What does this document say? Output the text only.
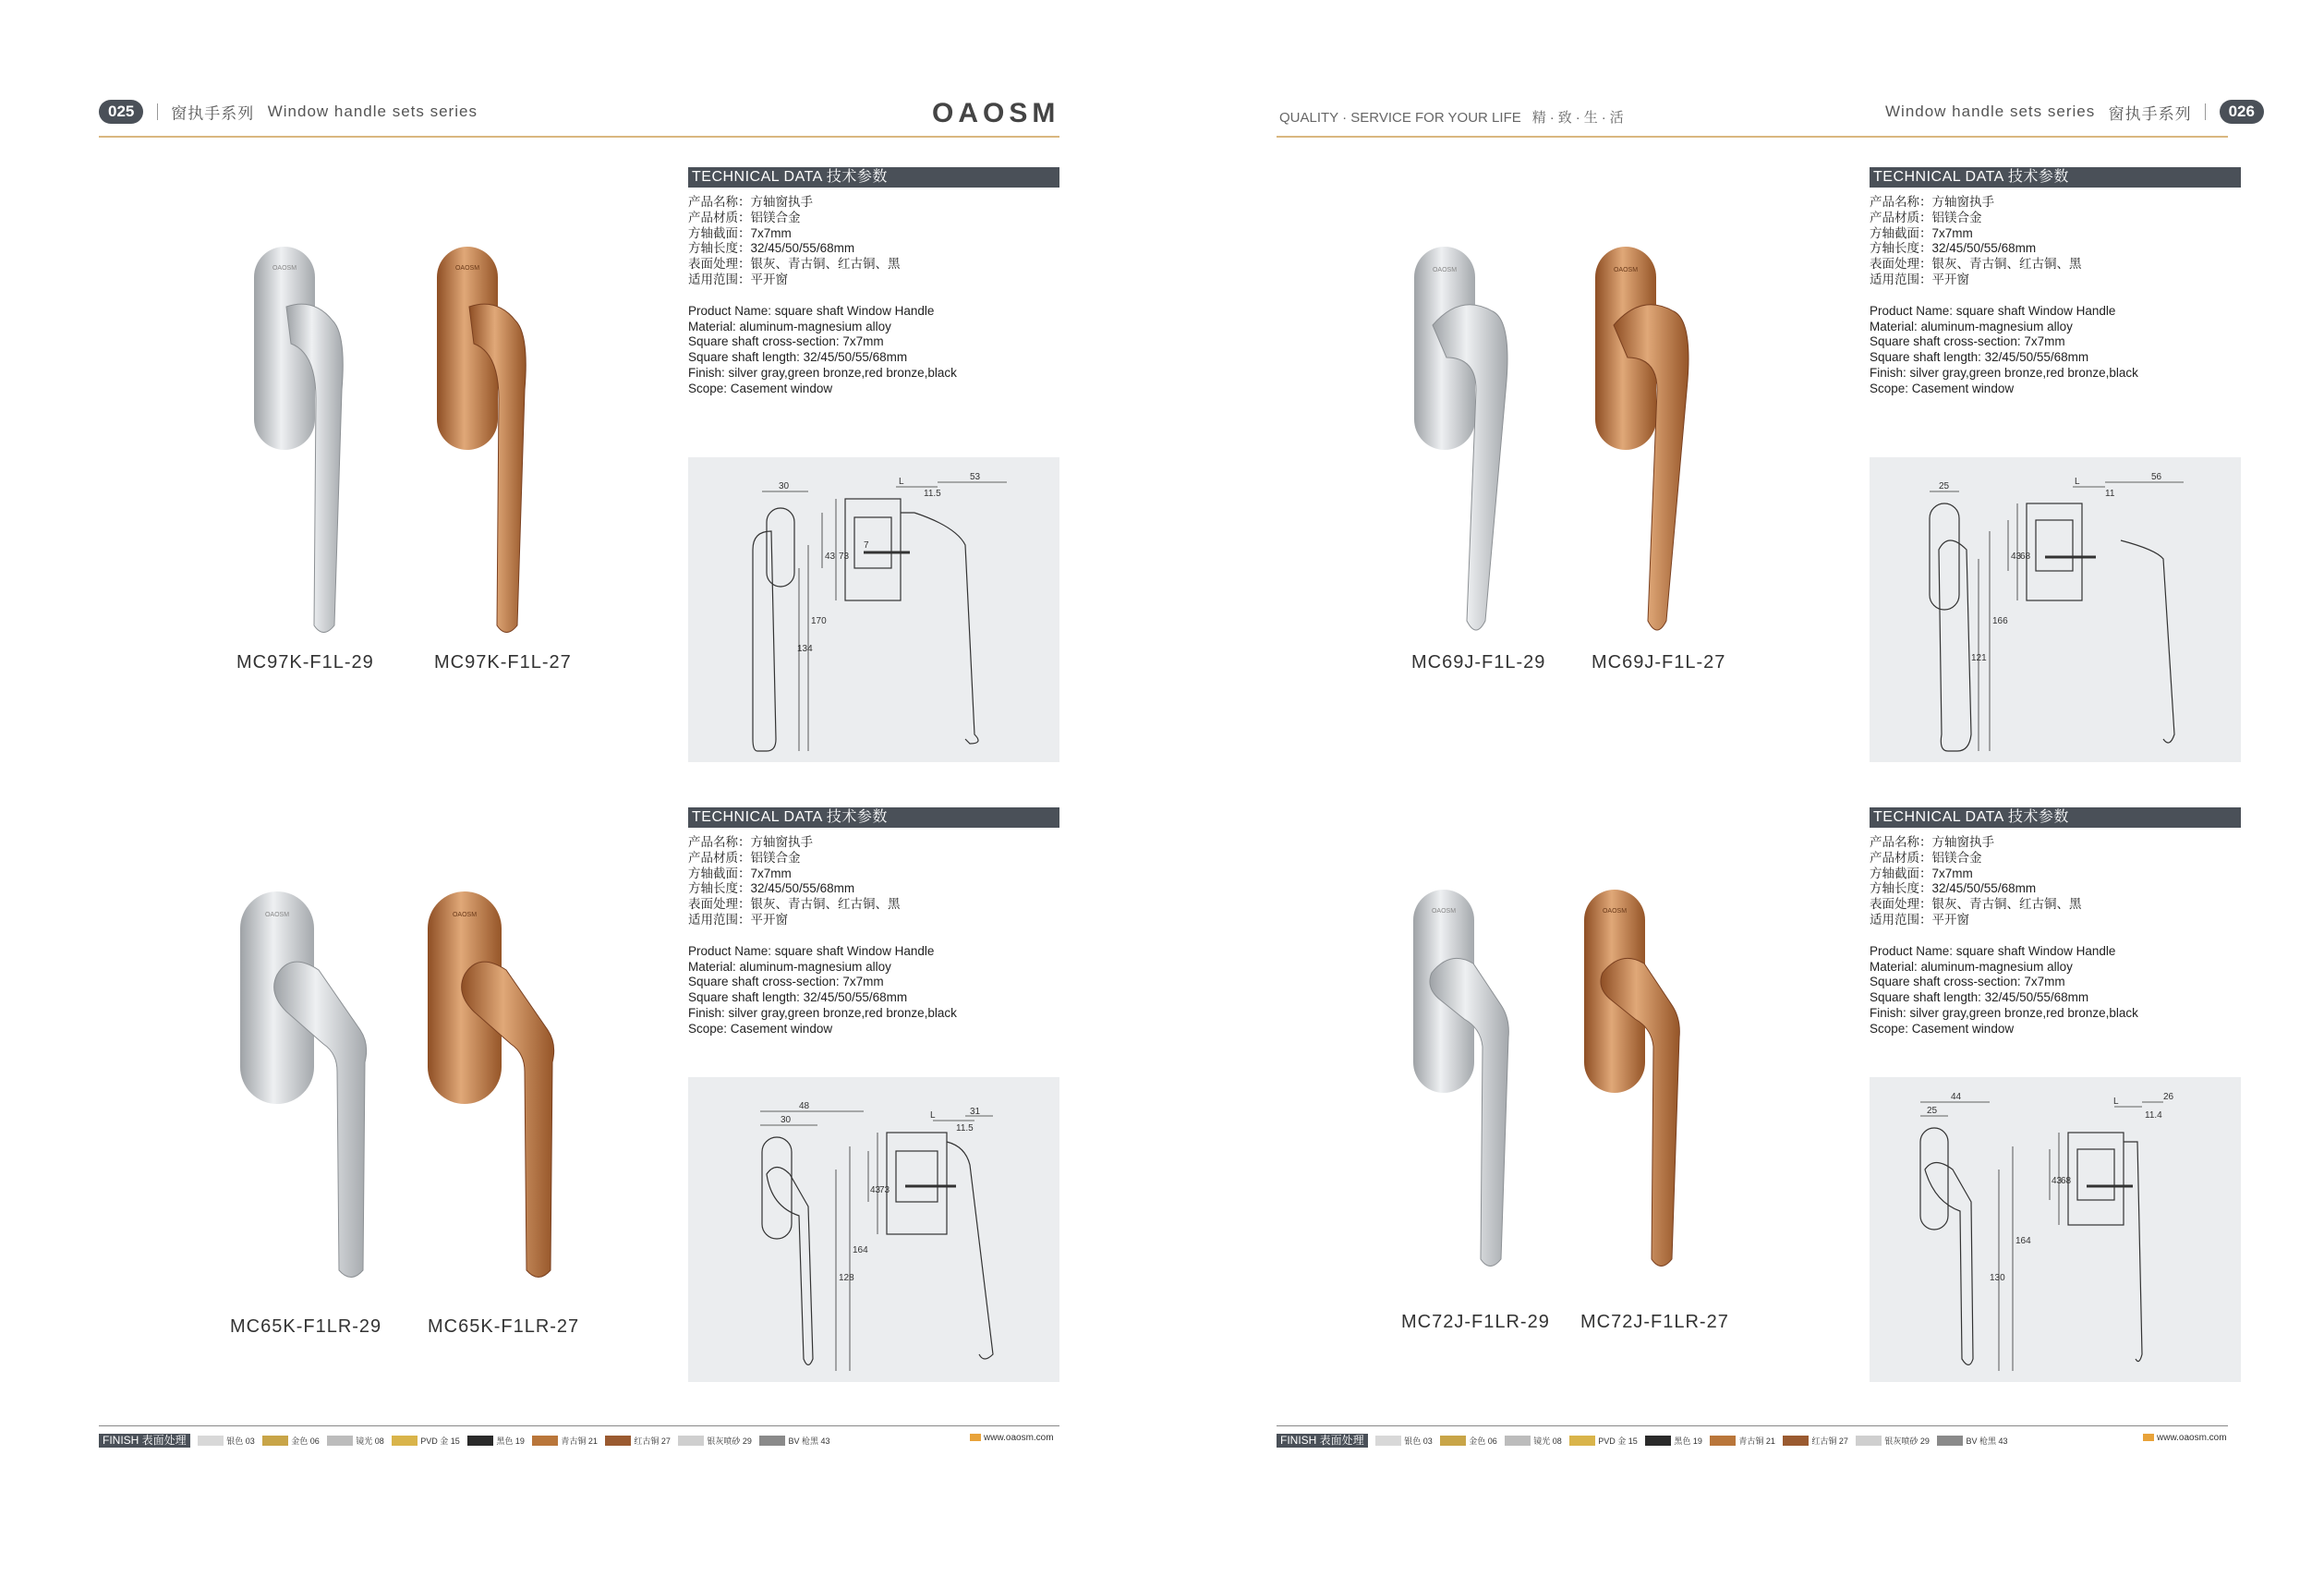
025 窗执手系列 Window handle sets series	OAOSM
OAOSM	OAOSM
MC97K-F1L-29	MC97K-F1L-27
TECHNICAL DATA 技术参数
产品名称：方轴窗执手
产品材质：铝镁合金
方轴截面：7x7mm
方轴长度：32/45/50/55/68mm
表面处理：银灰、青古铜、红古铜、黑
适用范围：平开窗
Product Name: square shaft Window Handle
Material: aluminum-magnesium alloy
Square shaft cross-section: 7x7mm
Square shaft length: 32/45/50/55/68mm
Finish: silver gray,green bronze,red bronze,black
Scope: Casement window
30	L
11.5
53
73
43
7
134
170
OAOSM	OAOSM
MC65K-F1LR-29 MC65K-F1LR-27
TECHNICAL DATA 技术参数
产品名称：方轴窗执手
产品材质：铝镁合金
方轴截面：7x7mm
方轴长度：32/45/50/55/68mm
表面处理：银灰、青古铜、红古铜、黑
适用范围：平开窗
Product Name: square shaft Window Handle
Material: aluminum-magnesium alloy
Square shaft cross-section: 7x7mm
Square shaft length: 32/45/50/55/68mm
Finish: silver gray,green bronze,red bronze,black
Scope: Casement window
48
30	L
11.5
31
73
43
128
164
FINISH 表面处理	银色 03	金色 06	镜光 08	PVD 金 15	黑色 19	青古铜 21	红古铜 27	银灰喷砂 29	BV 枪黑 43	www.oaosm.com
QUALITY · SERVICE FOR YOUR LIFE 精·致·生·活	Window handle sets series 窗执手系列 026
OAOSM	OAOSM
MC69J-F1L-29 MC69J-F1L-27
TECHNICAL DATA 技术参数
产品名称：方轴窗执手
产品材质：铝镁合金
方轴截面：7x7mm
方轴长度：32/45/50/55/68mm
表面处理：银灰、青古铜、红古铜、黑
适用范围：平开窗
Product Name: square shaft Window Handle
Material: aluminum-magnesium alloy
Square shaft cross-section: 7x7mm
Square shaft length: 32/45/50/55/68mm
Finish: silver gray,green bronze,red bronze,black
Scope: Casement window
25	L
11
56
68
43
121
166
OAOSM	OAOSM
MC72J-F1LR-29 MC72J-F1LR-27
TECHNICAL DATA 技术参数
产品名称：方轴窗执手
产品材质：铝镁合金
方轴截面：7x7mm
方轴长度：32/45/50/55/68mm
表面处理：银灰、青古铜、红古铜、黑
适用范围：平开窗
Product Name: square shaft Window Handle
Material: aluminum-magnesium alloy
Square shaft cross-section: 7x7mm
Square shaft length: 32/45/50/55/68mm
Finish: silver gray,green bronze,red bronze,black
Scope: Casement window
44
25
L
11.4
26
68
43
130
164
FINISH 表面处理	银色 03	金色 06	镜光 08	PVD 金 15	黑色 19	青古铜 21	红古铜 27	银灰喷砂 29	BV 枪黑 43	www.oaosm.com
